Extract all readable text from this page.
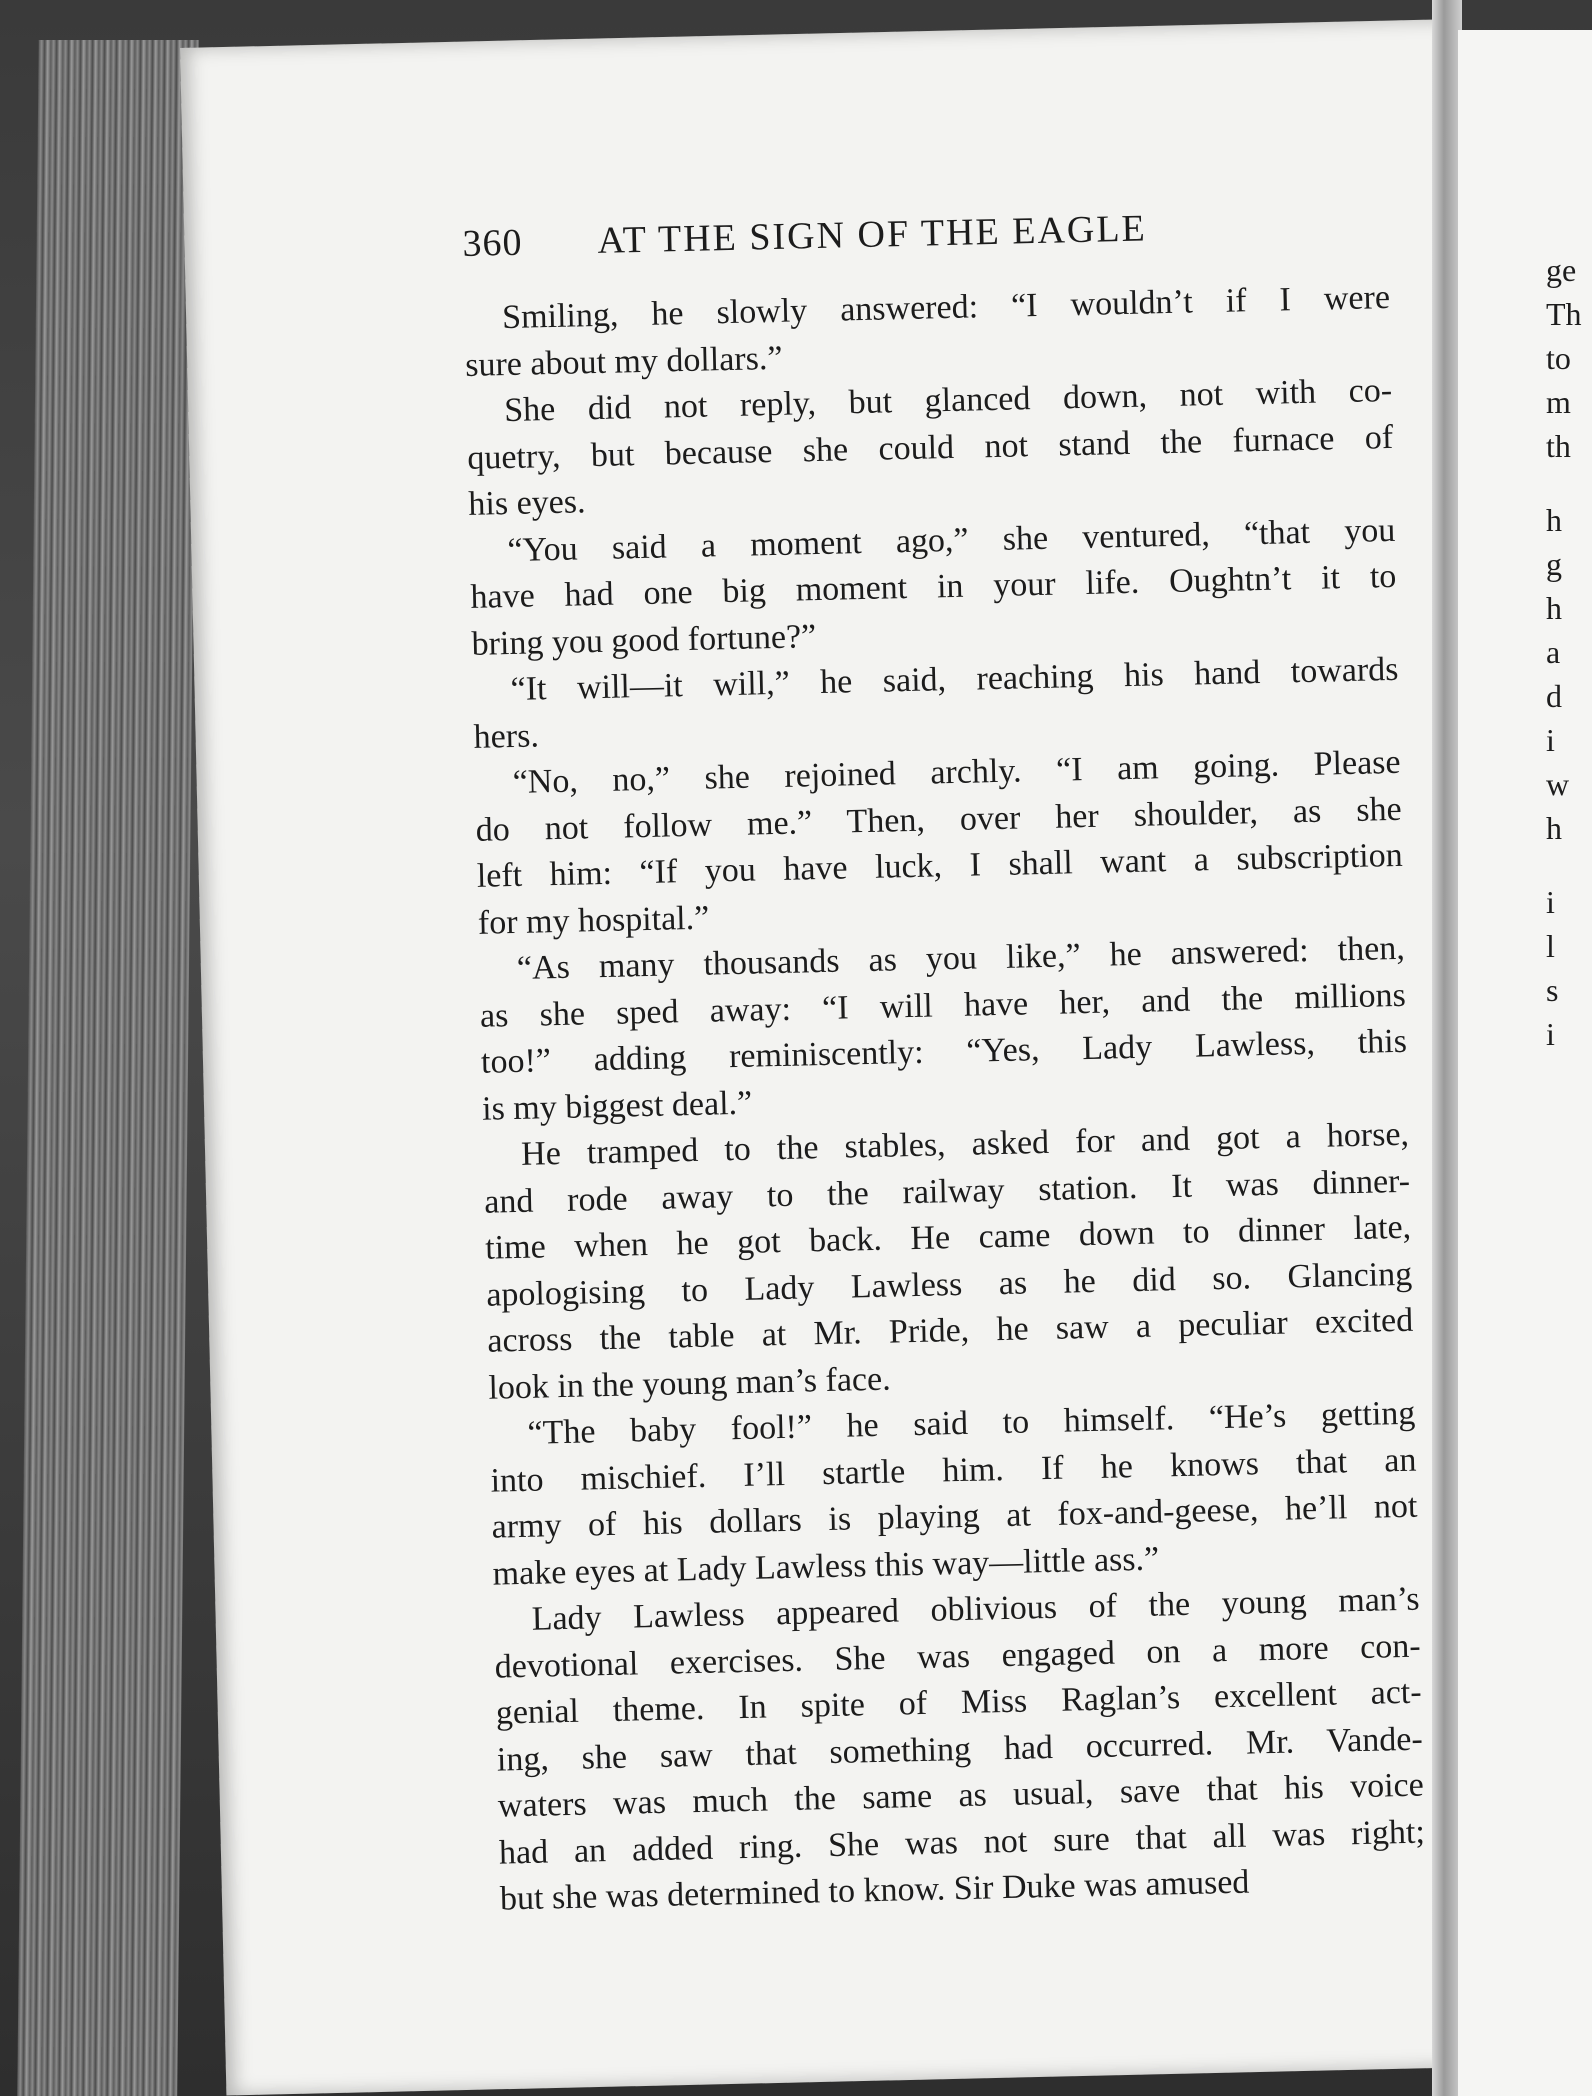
ge
Th
to
m
th
h
g
h
a
d
i
w
h
i
l
s
i
360 AT THE SIGN OF THE EAGLE
Smiling, he slowly answered: “I wouldn’t if I were
sure about my dollars.”
She did not reply, but glanced down, not with co-
quetry, but because she could not stand the furnace of
his eyes.
“You said a moment ago,” she ventured, “that you
have had one big moment in your life. Oughtn’t it to
bring you good fortune?”
“It will—it will,” he said, reaching his hand towards
hers.
“No, no,” she rejoined archly. “I am going. Please
do not follow me.” Then, over her shoulder, as she
left him: “If you have luck, I shall want a subscription
for my hospital.”
“As many thousands as you like,” he answered: then,
as she sped away: “I will have her, and the millions
too!” adding reminiscently: “Yes, Lady Lawless, this
is my biggest deal.”
He tramped to the stables, asked for and got a horse,
and rode away to the railway station. It was dinner-
time when he got back. He came down to dinner late,
apologising to Lady Lawless as he did so. Glancing
across the table at Mr. Pride, he saw a peculiar excited
look in the young man’s face.
“The baby fool!” he said to himself. “He’s getting
into mischief. I’ll startle him. If he knows that an
army of his dollars is playing at fox-and-geese, he’ll not
make eyes at Lady Lawless this way—little ass.”
Lady Lawless appeared oblivious of the young man’s
devotional exercises. She was engaged on a more con-
genial theme. In spite of Miss Raglan’s excellent act-
ing, she saw that something had occurred. Mr. Vande-
waters was much the same as usual, save that his voice
had an added ring. She was not sure that all was right;
but she was determined to know. Sir Duke was amused
